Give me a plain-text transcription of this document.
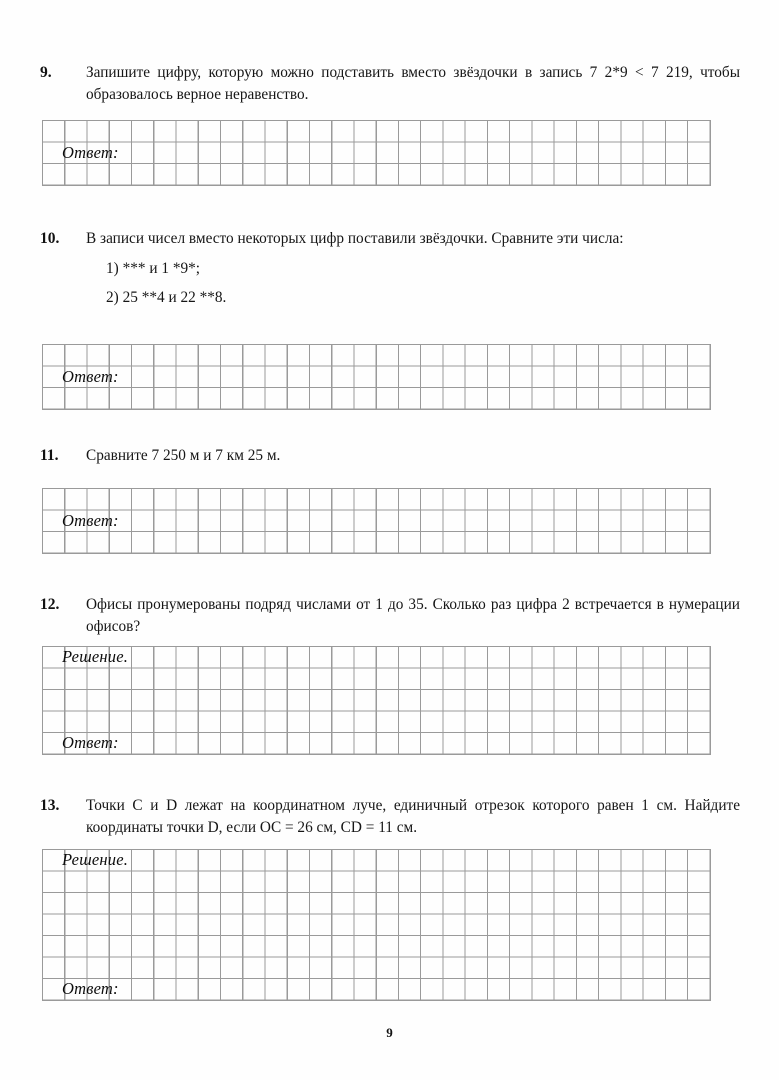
9.	Запишите цифру, которую можно подставить вместо звёздочки в запись 7 2*9 < 7 219, чтобы образовалось верное неравенство.

Ответ:
10.	В записи чисел вместо некоторых цифр поставили звёздочки. Сравните эти числа:

1) *** и 1 *9*;

2) 25 **4 и 22 **8.

Ответ:
11.	Сравните 7 250 м и 7 км 25 м.

Ответ:
12.	Офисы пронумерованы подряд числами от 1 до 35. Сколько раз цифра 2 встречается в нумерации офисов?

Решение.
Ответ:
13.	Точки C и D лежат на координатном луче, единичный отрезок которого равен 1 см. Найдите координаты точки D, если OC = 26 см, CD = 11 см.

Решение.
Ответ:
9
